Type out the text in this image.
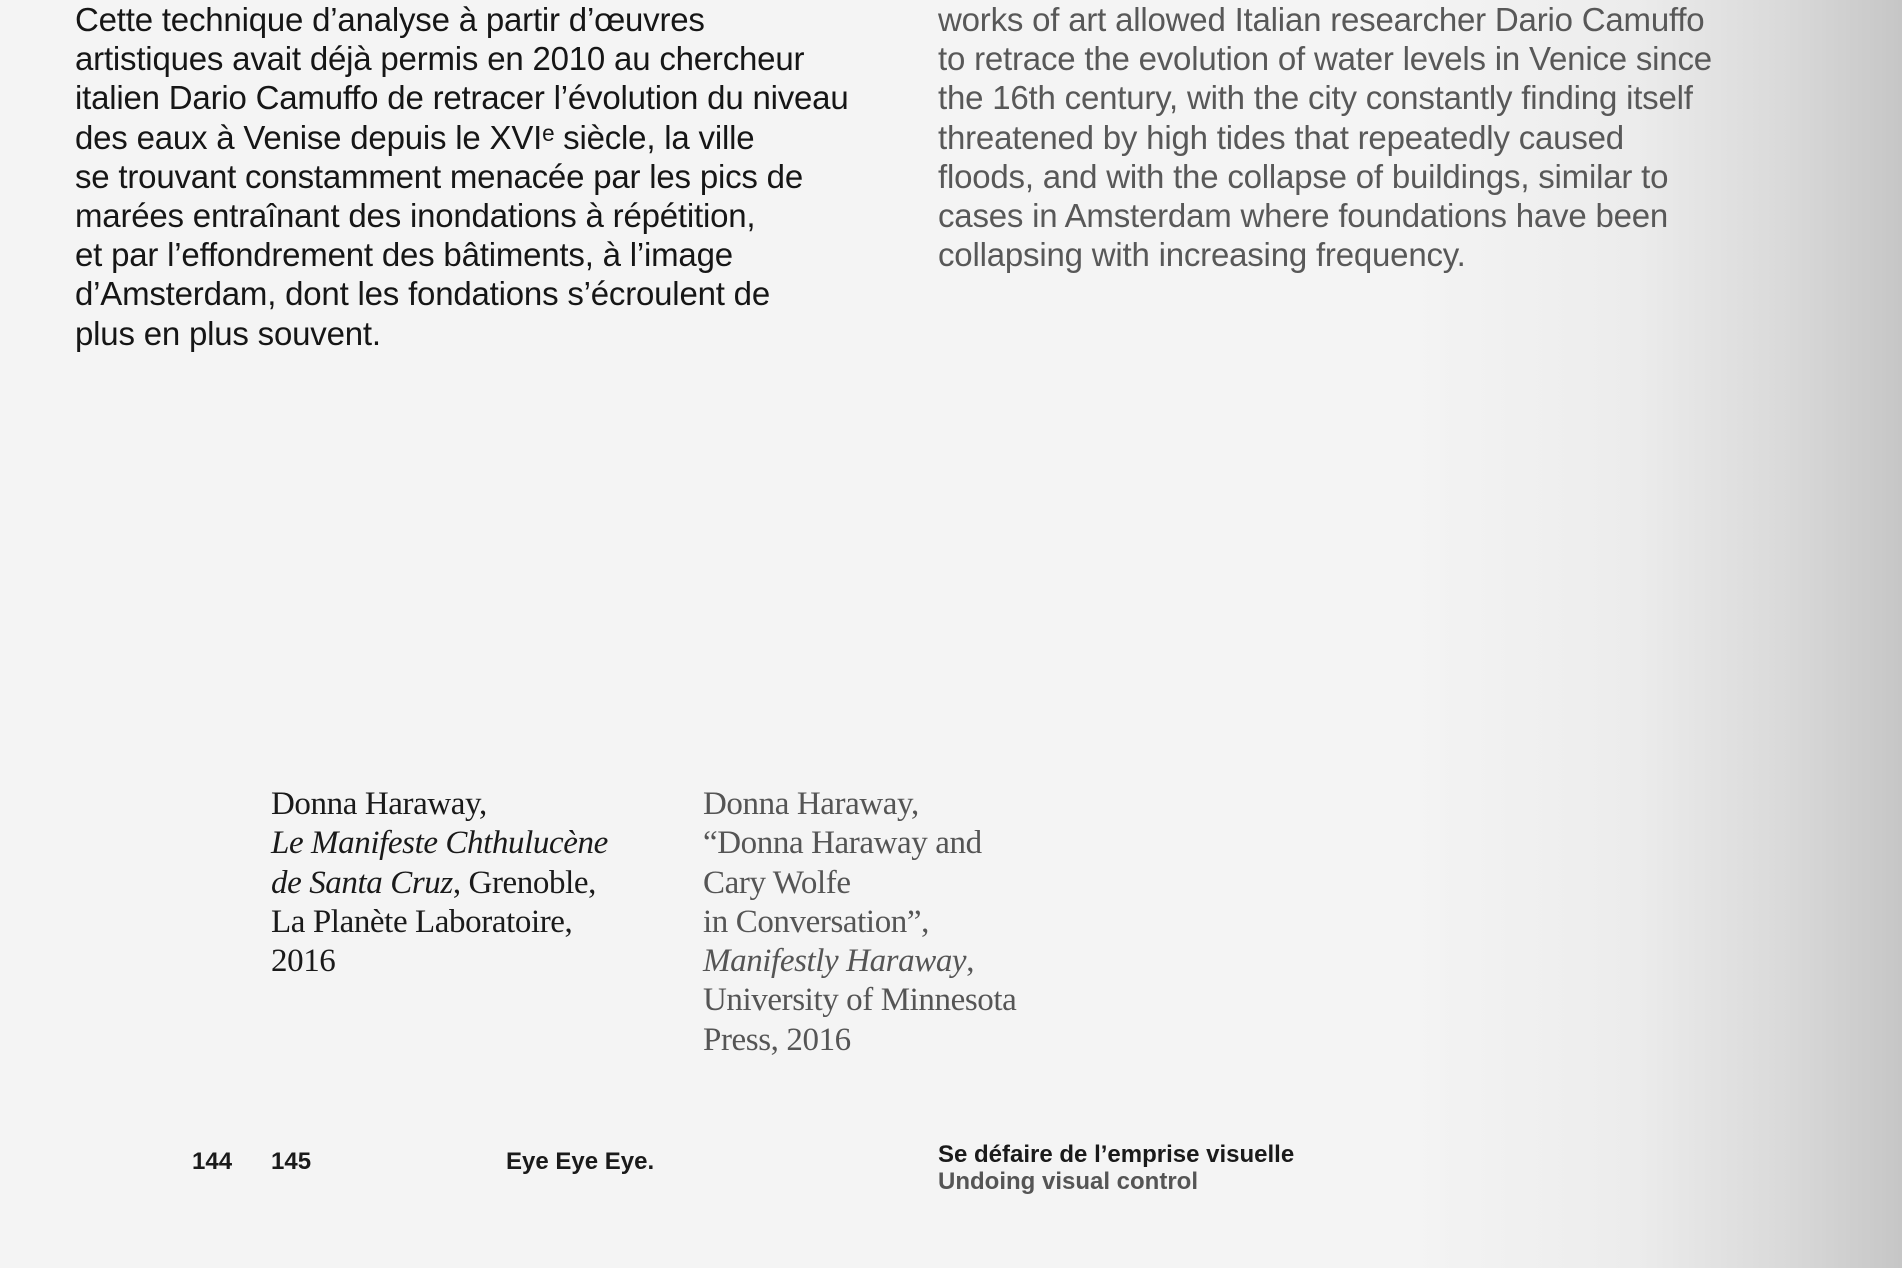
Cette technique d’analyse à partir d’œuvres
artistiques avait déjà permis en 2010 au chercheur
italien Dario Camuffo de retracer l’évolution du niveau
des eaux à Venise depuis le XVIᵉ siècle, la ville
se trouvant constamment menacée par les pics de
marées entraînant des inondations à répétition,
et par l’effondrement des bâtiments, à l’image
d’Amsterdam, dont les fondations s’écroulent de
plus en plus souvent.

works of art allowed Italian researcher Dario Camuffo
to retrace the evolution of water levels in Venice since
the 16th century, with the city constantly finding itself
threatened by high tides that repeatedly caused
floods, and with the collapse of buildings, similar to
cases in Amsterdam where foundations have been
collapsing with increasing frequency.

Donna Haraway,
Le Manifeste Chthulucène
de Santa Cruz, Grenoble,
La Planète Laboratoire,
2016

Donna Haraway,
“Donna Haraway and
Cary Wolfe
in Conversation”,
Manifestly Haraway,
University of Minnesota
Press, 2016

144 145	Eye Eye Eye.	Se défaire de l’emprise visuelle
Undoing visual control
